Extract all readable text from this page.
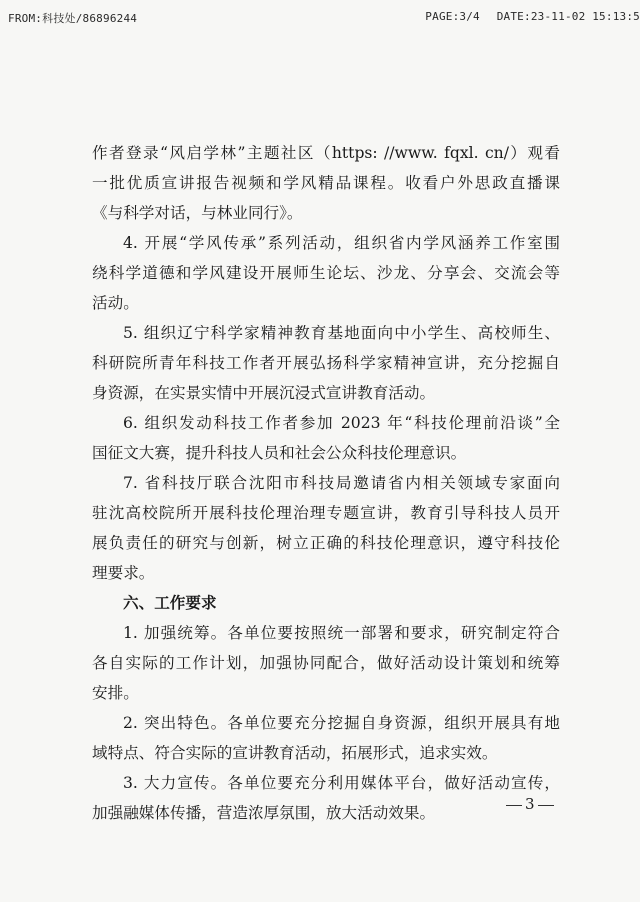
FROM:科技处/86896244	PAGE:3/4 DATE:23-11-02 15:13:5
作者登录“风启学林”主题社区（https: //www. fqxl. cn/）观看
一批优质宣讲报告视频和学风精品课程。收看户外思政直播课
《与科学对话，与林业同行》。
4. 开展“学风传承”系列活动，组织省内学风涵养工作室围
绕科学道德和学风建设开展师生论坛、沙龙、分享会、交流会等
活动。
5. 组织辽宁科学家精神教育基地面向中小学生、高校师生、
科研院所青年科技工作者开展弘扬科学家精神宣讲，充分挖掘自
身资源，在实景实情中开展沉浸式宣讲教育活动。
6. 组织发动科技工作者参加 2023 年“科技伦理前沿谈”全
国征文大赛，提升科技人员和社会公众科技伦理意识。
7. 省科技厅联合沈阳市科技局邀请省内相关领域专家面向
驻沈高校院所开展科技伦理治理专题宣讲，教育引导科技人员开
展负责任的研究与创新，树立正确的科技伦理意识，遵守科技伦
理要求。
六、工作要求
1. 加强统筹。各单位要按照统一部署和要求，研究制定符合
各自实际的工作计划，加强协同配合，做好活动设计策划和统筹
安排。
2. 突出特色。各单位要充分挖掘自身资源，组织开展具有地
域特点、符合实际的宣讲教育活动，拓展形式，追求实效。
3. 大力宣传。各单位要充分利用媒体平台，做好活动宣传，
加强融媒体传播，营造浓厚氛围，放大活动效果。	3
